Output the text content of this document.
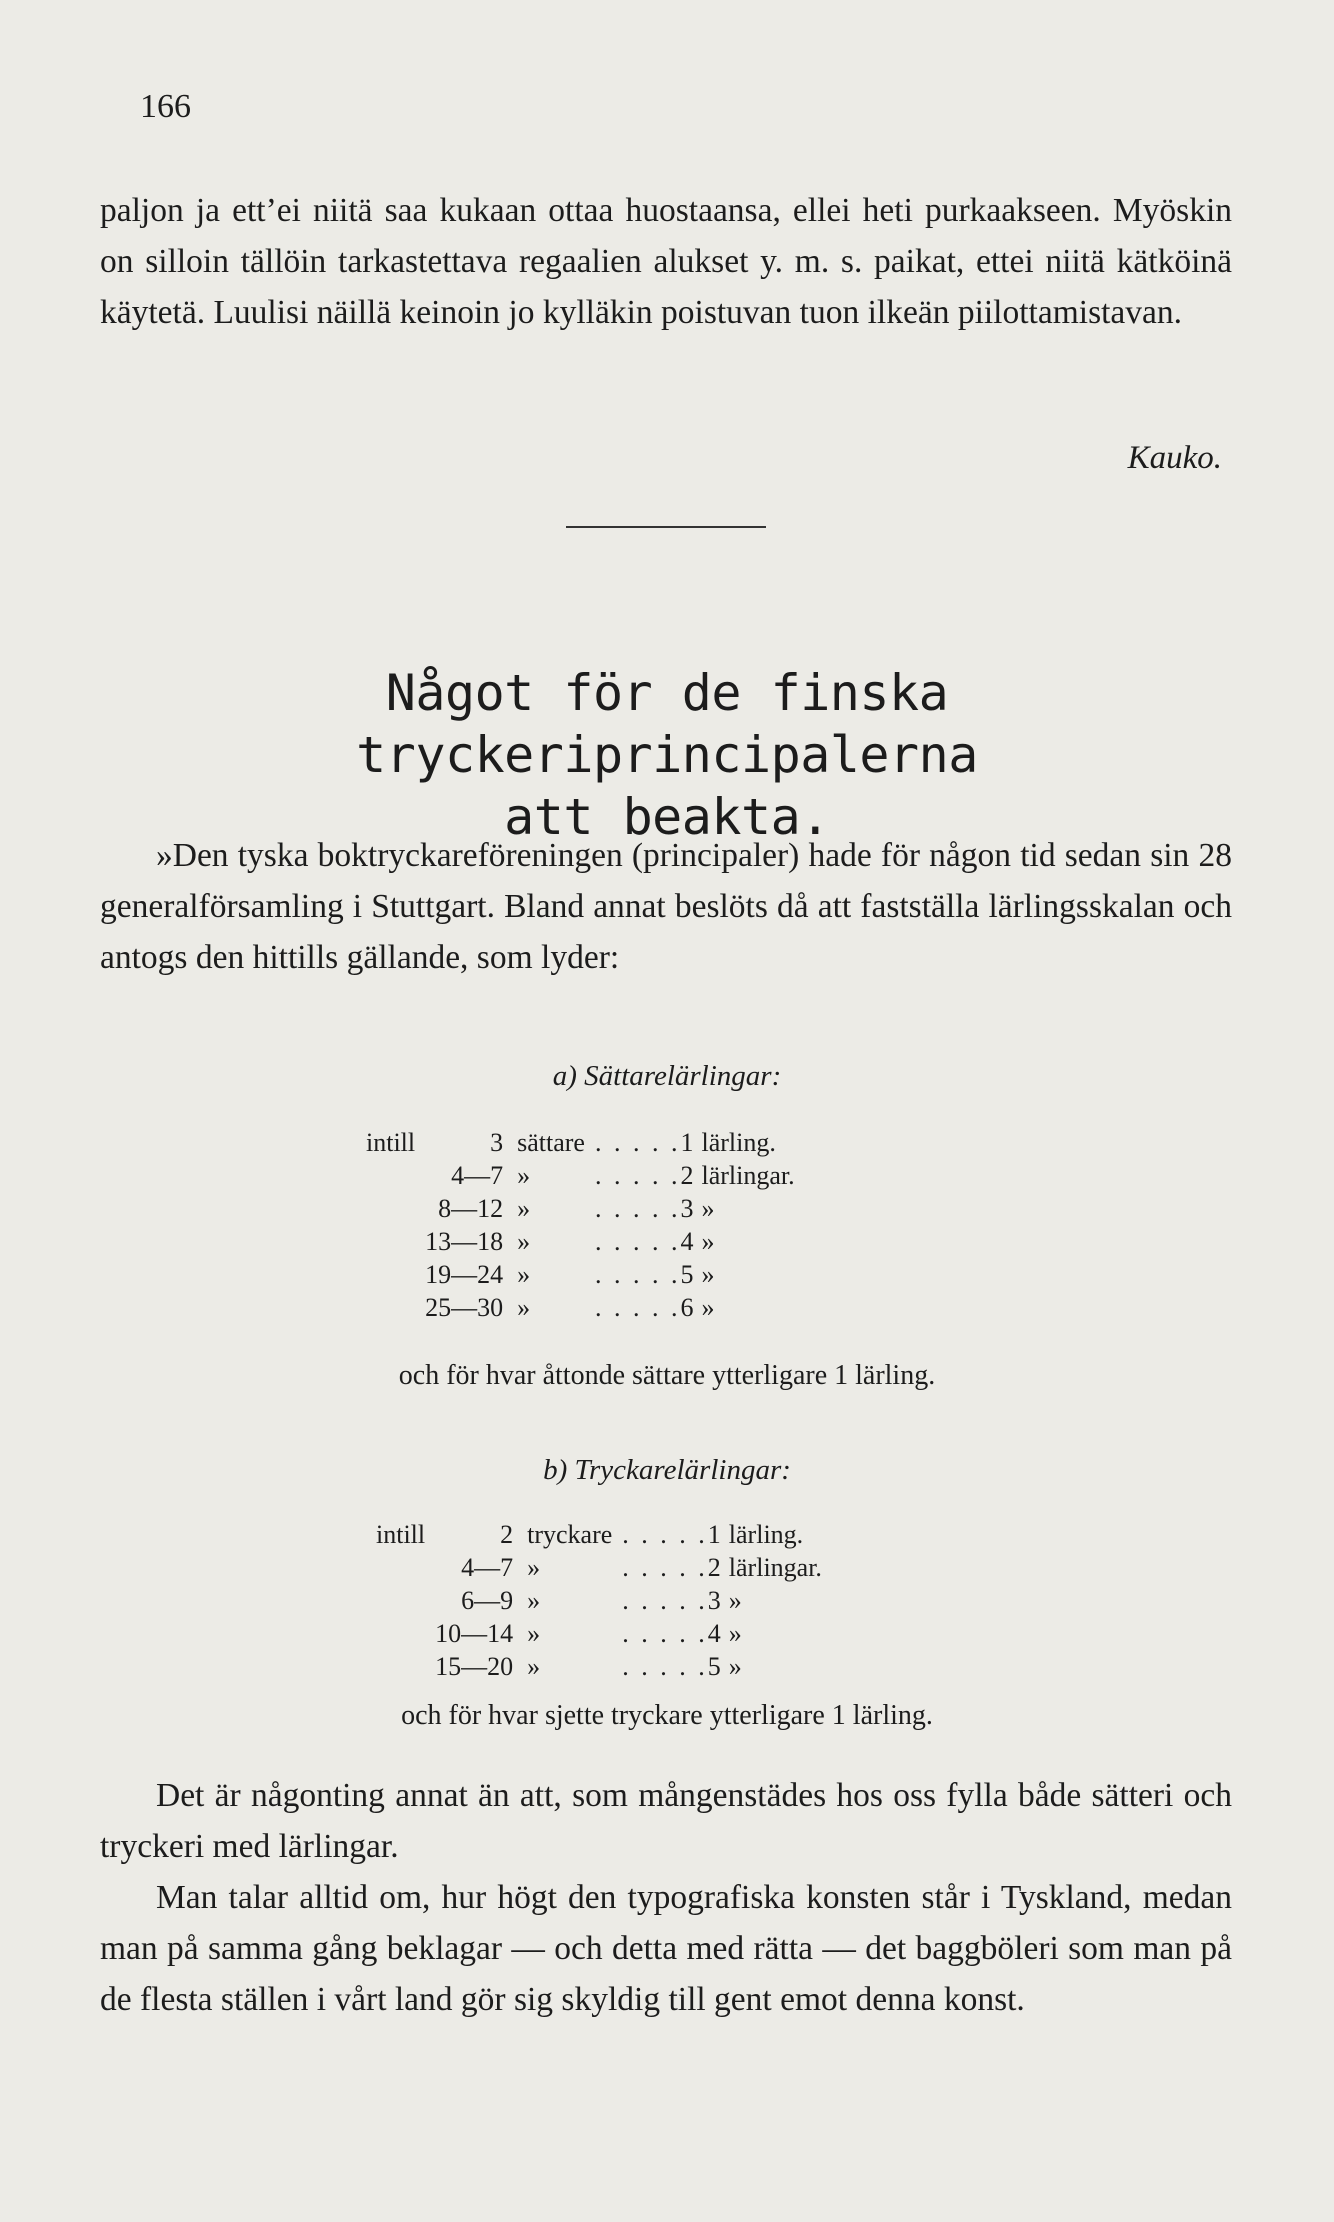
166

paljon ja ett’ei niitä saa kukaan ottaa huostaansa, ellei heti purkaakseen. Myöskin on silloin tällöin tarkastettava regaalien alukset y. m. s. paikat, ettei niitä kätköinä käytetä. Luulisi näillä keinoin jo kylläkin poistuvan tuon ilkeän piilottamistavan.

Kauko.
Något för de finska tryckeriprincipalerna
att beakta.

»Den tyska boktryckareföreningen (principaler) hade för någon tid sedan sin 28 generalförsamling i Stuttgart. Bland annat beslöts då att fastställa lärlingsskalan och antogs den hittills gällande, som lyder:

a) Sättarelärlingar:
intill	3	sättare	. . . . .	1	lärling.
	4—7	»	. . . . .	2	lärlingar.
	8—12	»	. . . . .	3	»
	13—18	»	. . . . .	4	»
	19—24	»	. . . . .	5	»
	25—30	»	. . . . .	6	»
och för hvar åttonde sättare ytterligare 1 lärling.
b) Tryckarelärlingar:
intill	2	tryckare	. . . . .	1	lärling.
	4—7	»	. . . . .	2	lärlingar.
	6—9	»	. . . . .	3	»
	10—14	»	. . . . .	4	»
	15—20	»	. . . . .	5	»
och för hvar sjette tryckare ytterligare 1 lärling.

Det är någonting annat än att, som mångenstädes hos oss fylla både sätteri och tryckeri med lärlingar.

Man talar alltid om, hur högt den typografiska konsten står i Tyskland, medan man på samma gång beklagar — och detta med rätta — det baggböleri som man på de flesta ställen i vårt land gör sig skyldig till gent emot denna konst.
